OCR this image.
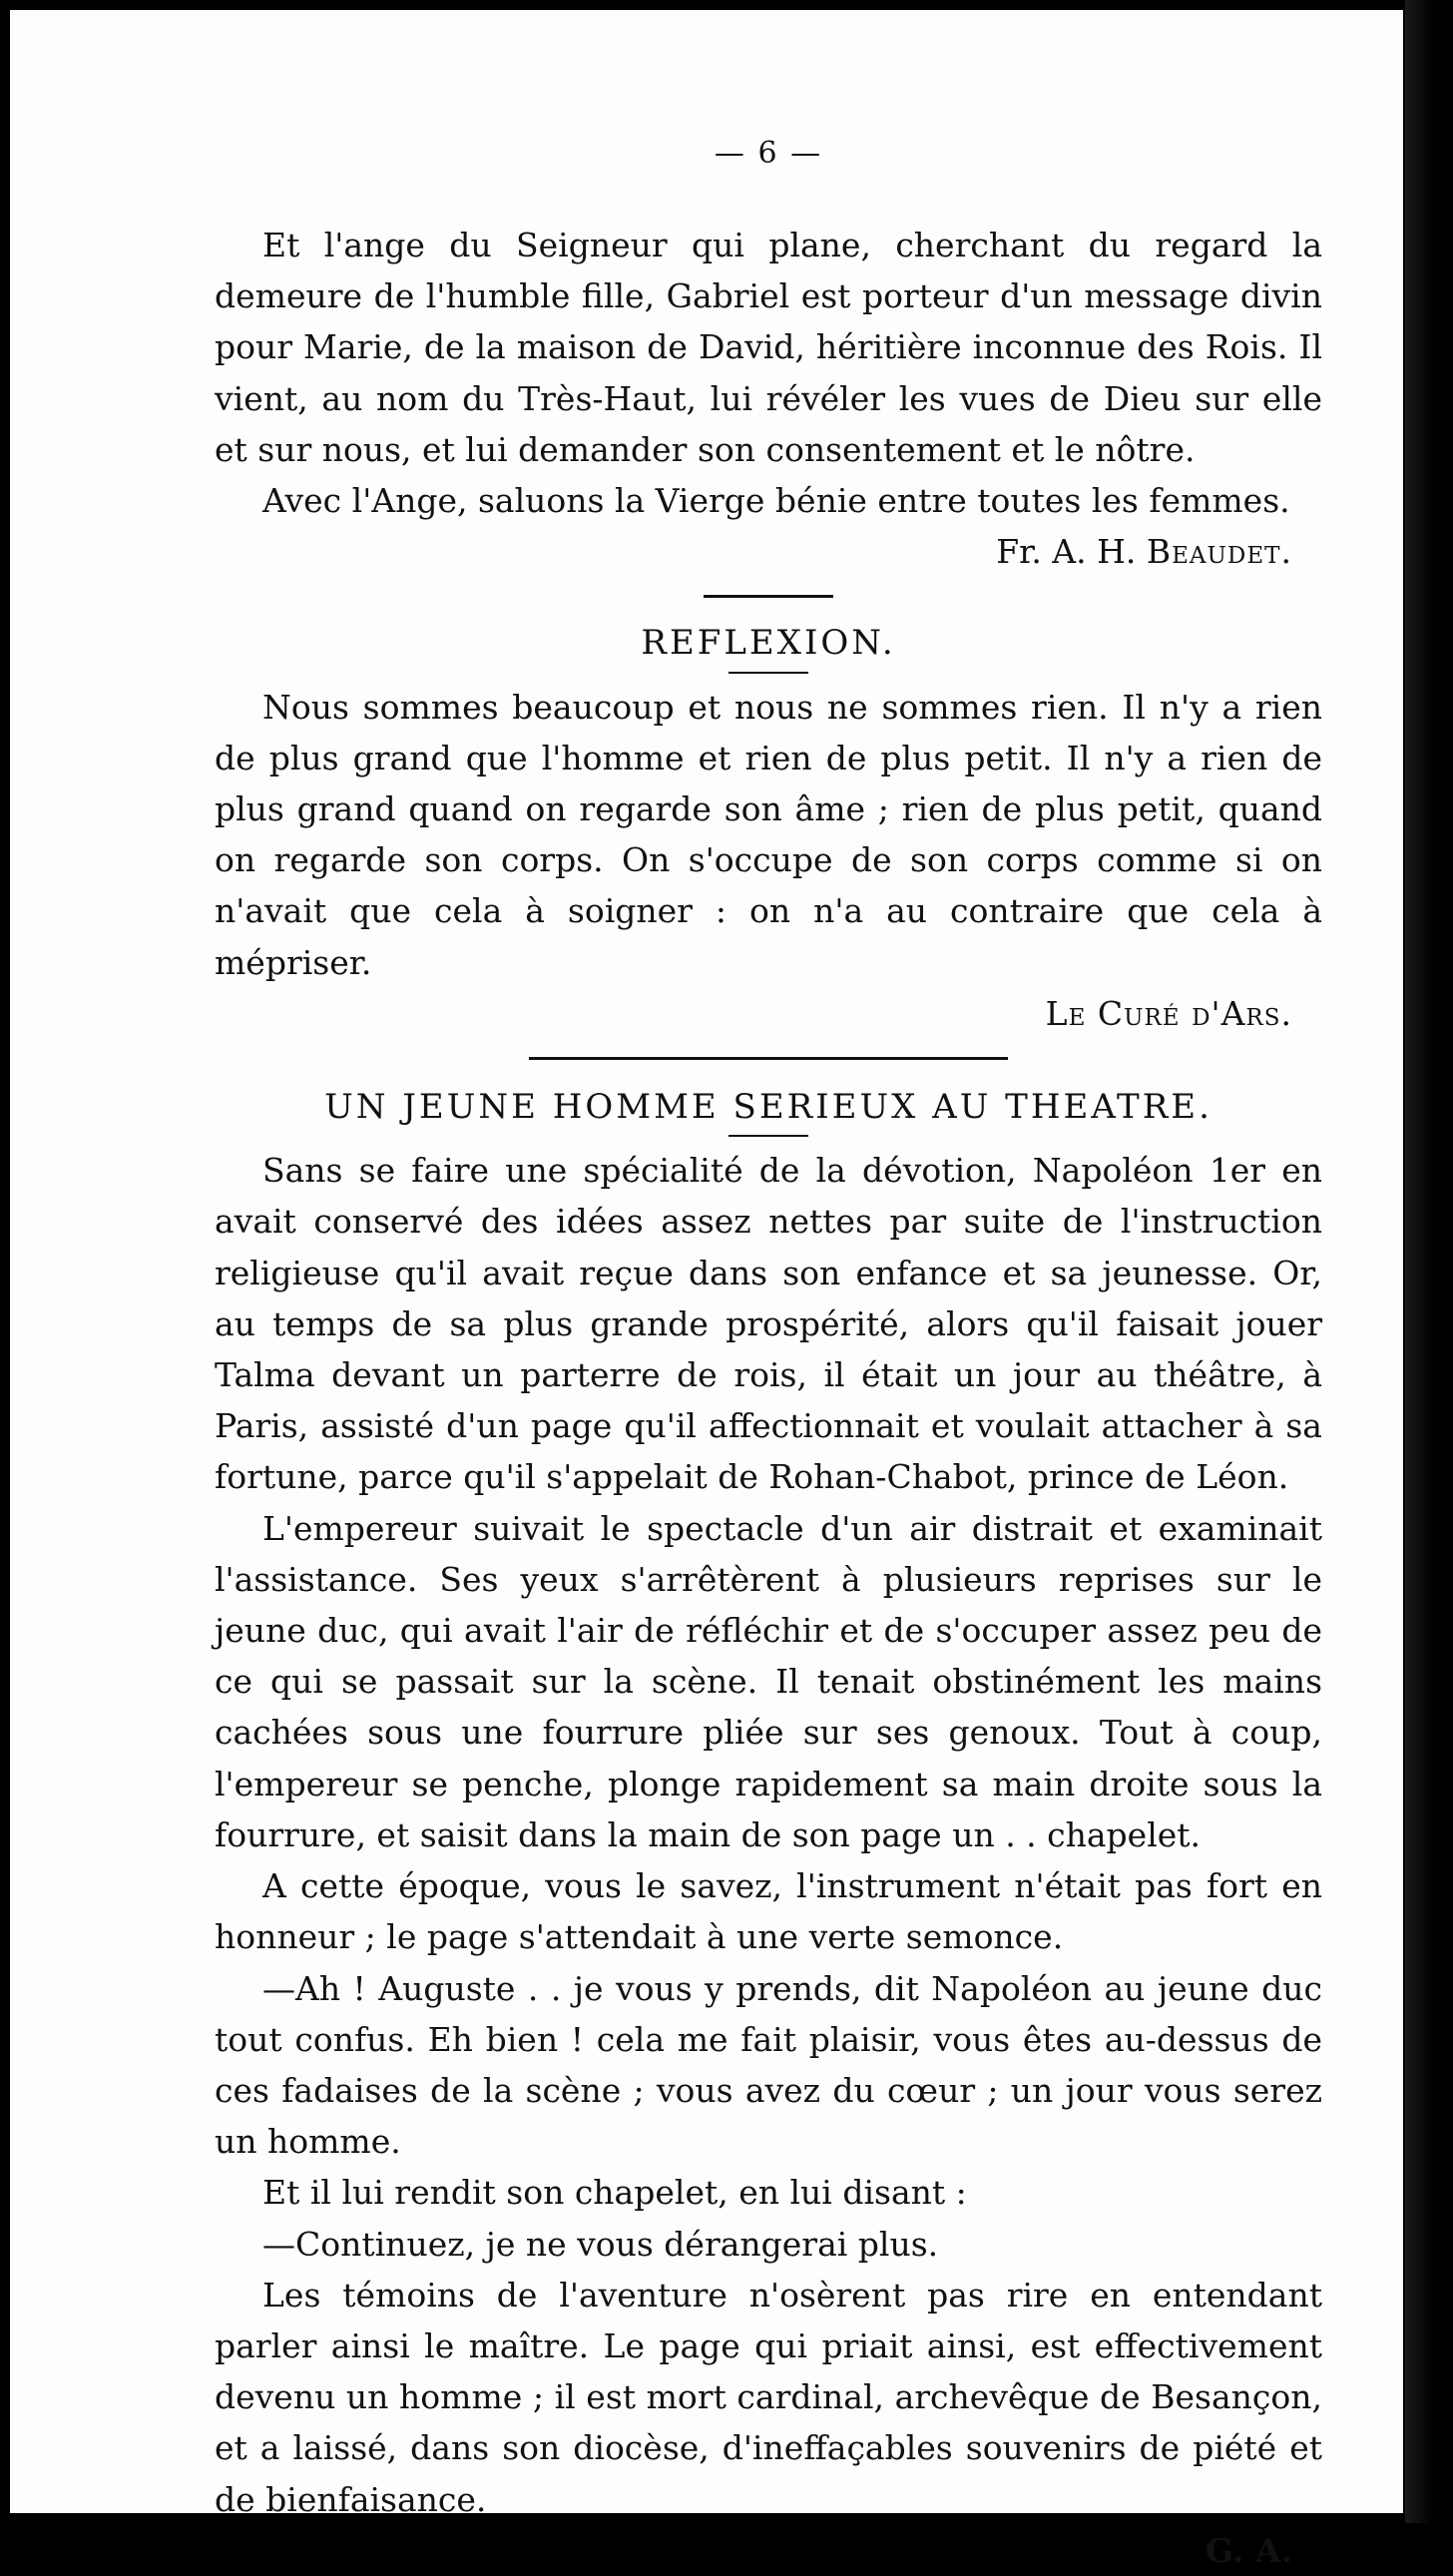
— 6 —

Et l'ange du Seigneur qui plane, cherchant du regard la demeure de l'humble fille, Gabriel est porteur d'un message divin pour Marie, de la maison de David, héritière inconnue des Rois. Il vient, au nom du Très-Haut, lui révéler les vues de Dieu sur elle et sur nous, et lui demander son consentement et le nôtre.

Avec l'Ange, saluons la Vierge bénie entre toutes les femmes.

Fr. A. H. Beaudet.

REFLEXION.

Nous sommes beaucoup et nous ne sommes rien. Il n'y a rien de plus grand que l'homme et rien de plus petit. Il n'y a rien de plus grand quand on regarde son âme ; rien de plus petit, quand on regarde son corps. On s'occupe de son corps comme si on n'avait que cela à soigner : on n'a au contraire que cela à mépriser.

Le Curé d'Ars.

UN JEUNE HOMME SERIEUX AU THEATRE.

Sans se faire une spécialité de la dévotion, Napoléon 1er en avait conservé des idées assez nettes par suite de l'instruction religieuse qu'il avait reçue dans son enfance et sa jeunesse. Or, au temps de sa plus grande prospérité, alors qu'il faisait jouer Talma devant un parterre de rois, il était un jour au théâtre, à Paris, assisté d'un page qu'il affectionnait et voulait attacher à sa fortune, parce qu'il s'appelait de Rohan-Chabot, prince de Léon.

L'empereur suivait le spectacle d'un air distrait et examinait l'assistance. Ses yeux s'arrêtèrent à plusieurs reprises sur le jeune duc, qui avait l'air de réfléchir et de s'occuper assez peu de ce qui se passait sur la scène. Il tenait obstinément les mains cachées sous une fourrure pliée sur ses genoux. Tout à coup, l'empereur se penche, plonge rapidement sa main droite sous la fourrure, et saisit dans la main de son page un . . chapelet.

A cette époque, vous le savez, l'instrument n'était pas fort en honneur ; le page s'attendait à une verte semonce.

—Ah ! Auguste . . je vous y prends, dit Napoléon au jeune duc tout confus. Eh bien ! cela me fait plaisir, vous êtes au-dessus de ces fadaises de la scène ; vous avez du cœur ; un jour vous serez un homme.

Et il lui rendit son chapelet, en lui disant :

—Continuez, je ne vous dérangerai plus.

Les témoins de l'aventure n'osèrent pas rire en entendant parler ainsi le maître. Le page qui priait ainsi, est effectivement devenu un homme ; il est mort cardinal, archevêque de Besançon, et a laissé, dans son diocèse, d'ineffaçables souvenirs de piété et de bienfaisance.

G. A.
